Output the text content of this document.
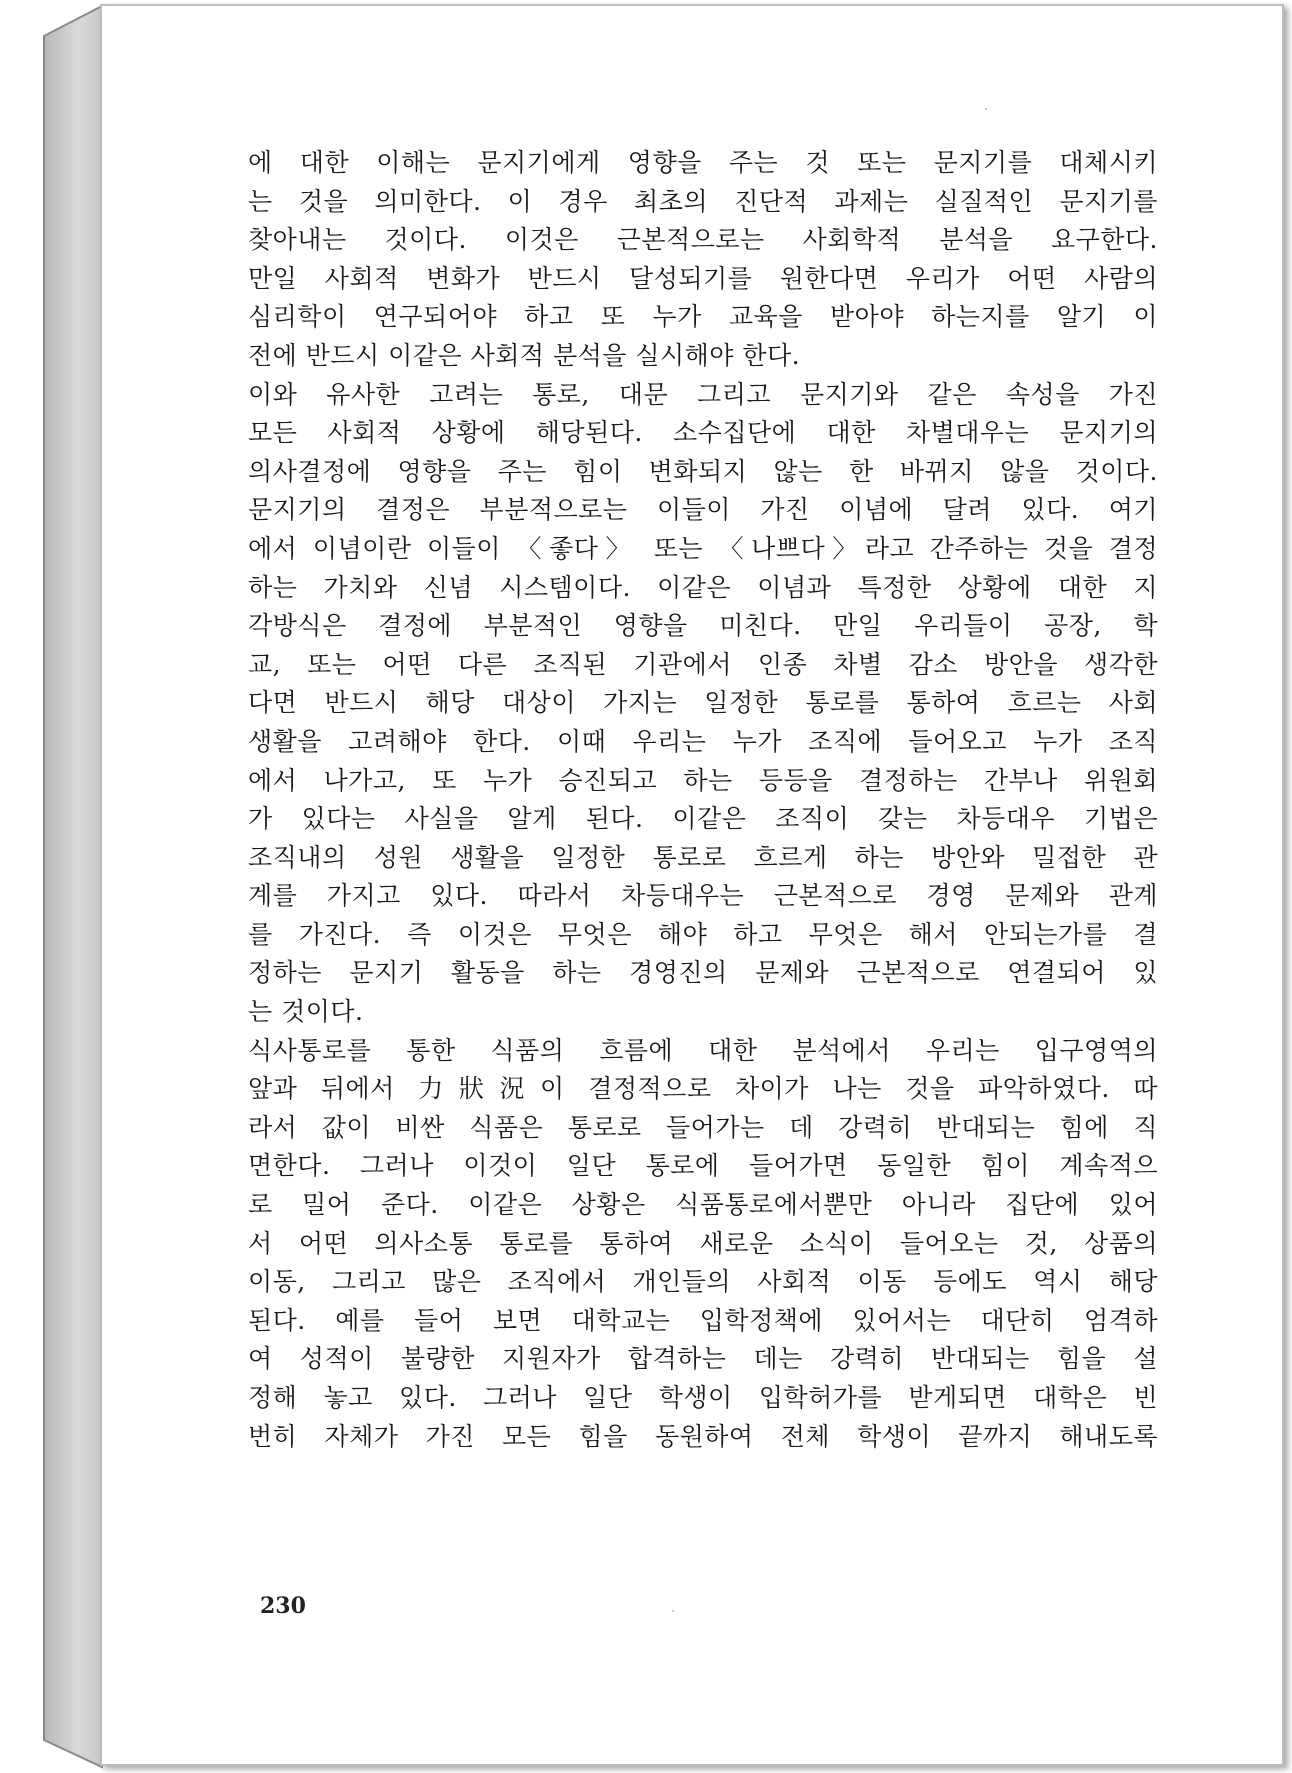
에 대한 이해는 문지기에게 영향을 주는 것 또는 문지기를 대체시키
는 것을 의미한다. 이 경우 최초의 진단적 과제는 실질적인 문지기를
찾아내는 것이다. 이것은 근본적으로는 사회학적 분석을 요구한다.
만일 사회적 변화가 반드시 달성되기를 원한다면 우리가 어떤 사람의
심리학이 연구되어야 하고 또 누가 교육을 받아야 하는지를 알기 이
전에 반드시 이같은 사회적 분석을 실시해야 한다.
이와 유사한 고려는 통로, 대문 그리고 문지기와 같은 속성을 가진
모든 사회적 상황에 해당된다. 소수집단에 대한 차별대우는 문지기의
의사결정에 영향을 주는 힘이 변화되지 않는 한 바뀌지 않을 것이다.
문지기의 결정은 부분적으로는 이들이 가진 이념에 달려 있다. 여기
에서 이념이란 이들이 〈좋다〉 또는 〈나쁘다〉라고 간주하는 것을 결정
하는 가치와 신념 시스템이다. 이같은 이념과 특정한 상황에 대한 지
각방식은 결정에 부분적인 영향을 미친다. 만일 우리들이 공장, 학
교, 또는 어떤 다른 조직된 기관에서 인종 차별 감소 방안을 생각한
다면 반드시 해당 대상이 가지는 일정한 통로를 통하여 흐르는 사회
생활을 고려해야 한다. 이때 우리는 누가 조직에 들어오고 누가 조직
에서 나가고, 또 누가 승진되고 하는 등등을 결정하는 간부나 위원회
가 있다는 사실을 알게 된다. 이같은 조직이 갖는 차등대우 기법은
조직내의 성원 생활을 일정한 통로로 흐르게 하는 방안와 밀접한 관
계를 가지고 있다. 따라서 차등대우는 근본적으로 경영 문제와 관계
를 가진다. 즉 이것은 무엇은 해야 하고 무엇은 해서 안되는가를 결
정하는 문지기 활동을 하는 경영진의 문제와 근본적으로 연결되어 있
는 것이다.
식사통로를 통한 식품의 흐름에 대한 분석에서 우리는 입구영역의
앞과 뒤에서 力狀況이 결정적으로 차이가 나는 것을 파악하였다. 따
라서 값이 비싼 식품은 통로로 들어가는 데 강력히 반대되는 힘에 직
면한다. 그러나 이것이 일단 통로에 들어가면 동일한 힘이 계속적으
로 밀어 준다. 이같은 상황은 식품통로에서뿐만 아니라 집단에 있어
서 어떤 의사소통 통로를 통하여 새로운 소식이 들어오는 것, 상품의
이동, 그리고 많은 조직에서 개인들의 사회적 이동 등에도 역시 해당
된다. 예를 들어 보면 대학교는 입학정책에 있어서는 대단히 엄격하
여 성적이 불량한 지원자가 합격하는 데는 강력히 반대되는 힘을 설
정해 놓고 있다. 그러나 일단 학생이 입학허가를 받게되면 대학은 빈
번히 자체가 가진 모든 힘을 동원하여 전체 학생이 끝까지 해내도록
230
